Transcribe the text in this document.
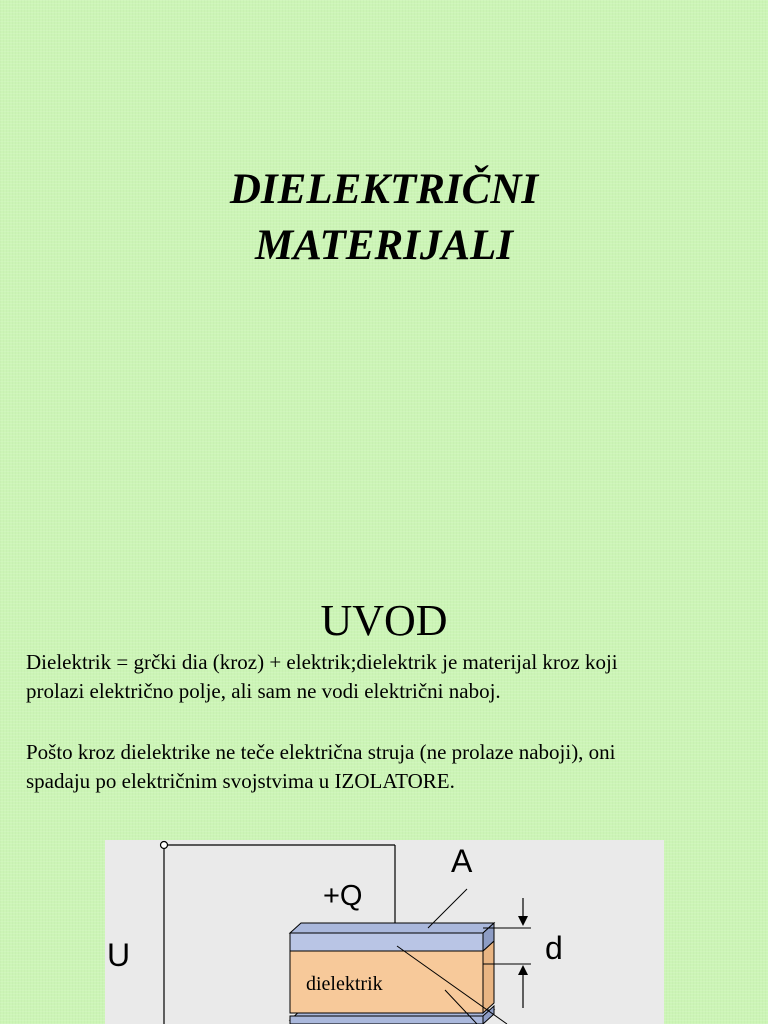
DIELEKTRIČNI
MATERIJALI
UVOD

Dielektrik = grčki dia (kroz) + elektrik;dielektrik je materijal kroz koji
prolazi električno polje, ali sam ne vodi električni naboj.

Pošto kroz dielektrike ne teče električna struja (ne prolaze naboji), oni
spadaju po električnim svojstvima u IZOLATORE.

A
+Q
U	d
dielektrik
